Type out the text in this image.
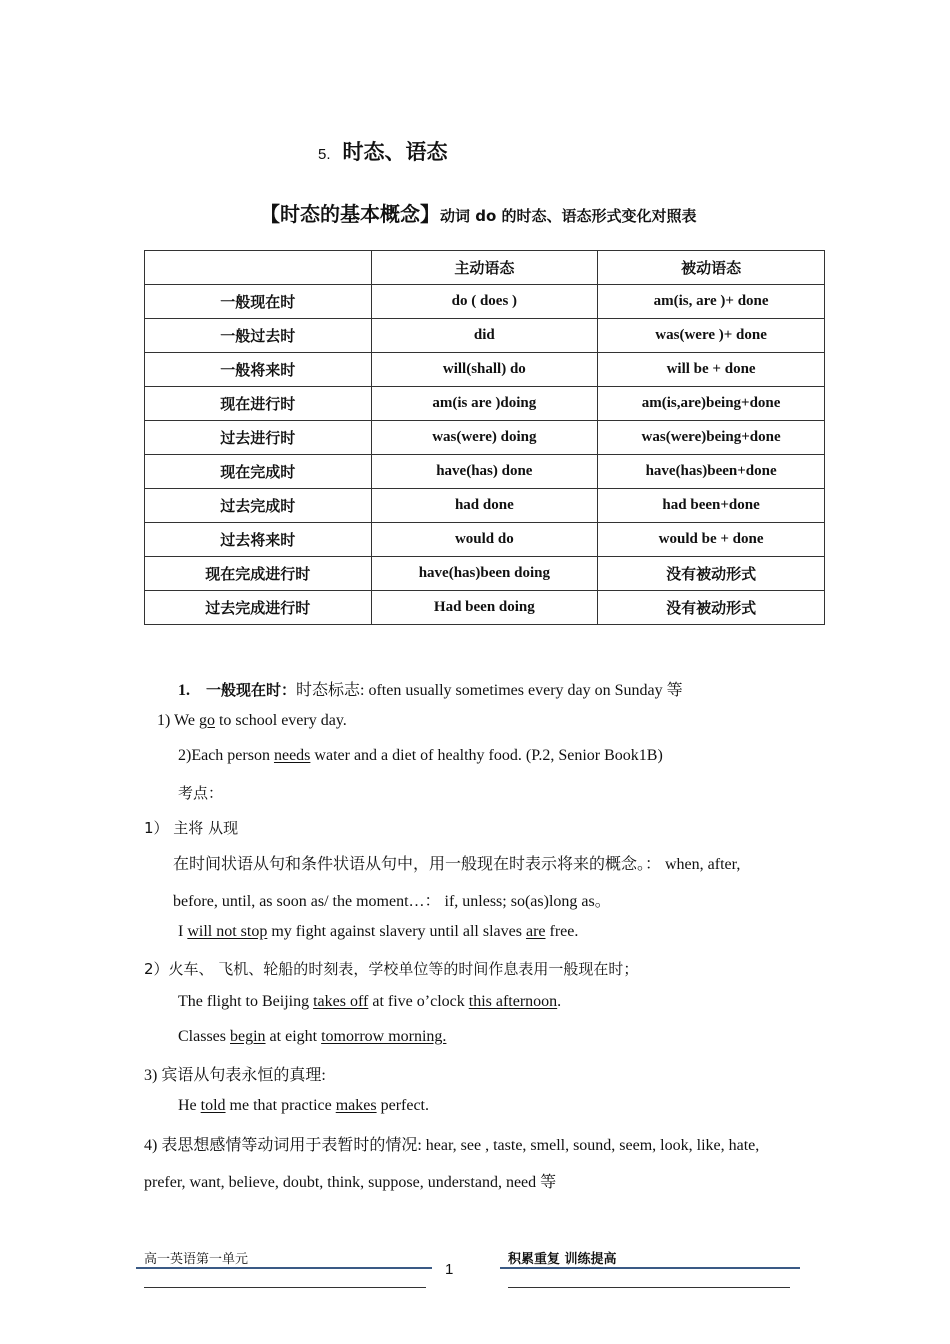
5. 时态、语态
【时态的基本概念】动词 do 的时态、语态形式变化对照表
	主动语态	被动语态
一般现在时	do ( does )	am(is, are )+ done
一般过去时	did	was(were )+ done
一般将来时	will(shall) do	will be + done
现在进行时	am(is are )doing	am(is,are)being+done
过去进行时	was(were) doing	was(were)being+done
现在完成时	have(has) done	have(has)been+done
过去完成时	had done	had been+done
过去将来时	would do	would be + done
现在完成进行时	have(has)been doing	没有被动形式
过去完成进行时	Had been doing	没有被动形式
1. 一般现在时：时态标志: often usually sometimes every day on Sunday 等
1) We go to school every day.
2)Each person needs water and a diet of healthy food. (P.2, Senior Book1B)
考点：
1） 主将 从现
在时间状语从句和条件状语从句中，用一般现在时表示将来的概念。： when, after,
before, until, as soon as/ the moment…： if, unless; so(as)long as。
I will not stop my fight against slavery until all slaves are free.
2）火车、 飞机、轮船的时刻表，学校单位等的时间作息表用一般现在时；
The flight to Beijing takes off at five o’clock this afternoon.
Classes begin at eight tomorrow morning.
3) 宾语从句表永恒的真理:
He told me that practice makes perfect.
4) 表思想感情等动词用于表暂时的情况: hear, see , taste, smell, sound, seem, look, like, hate,
prefer, want, believe, doubt, think, suppose, understand, need 等
高一英语第一单元	积累重复 训练提高
1
